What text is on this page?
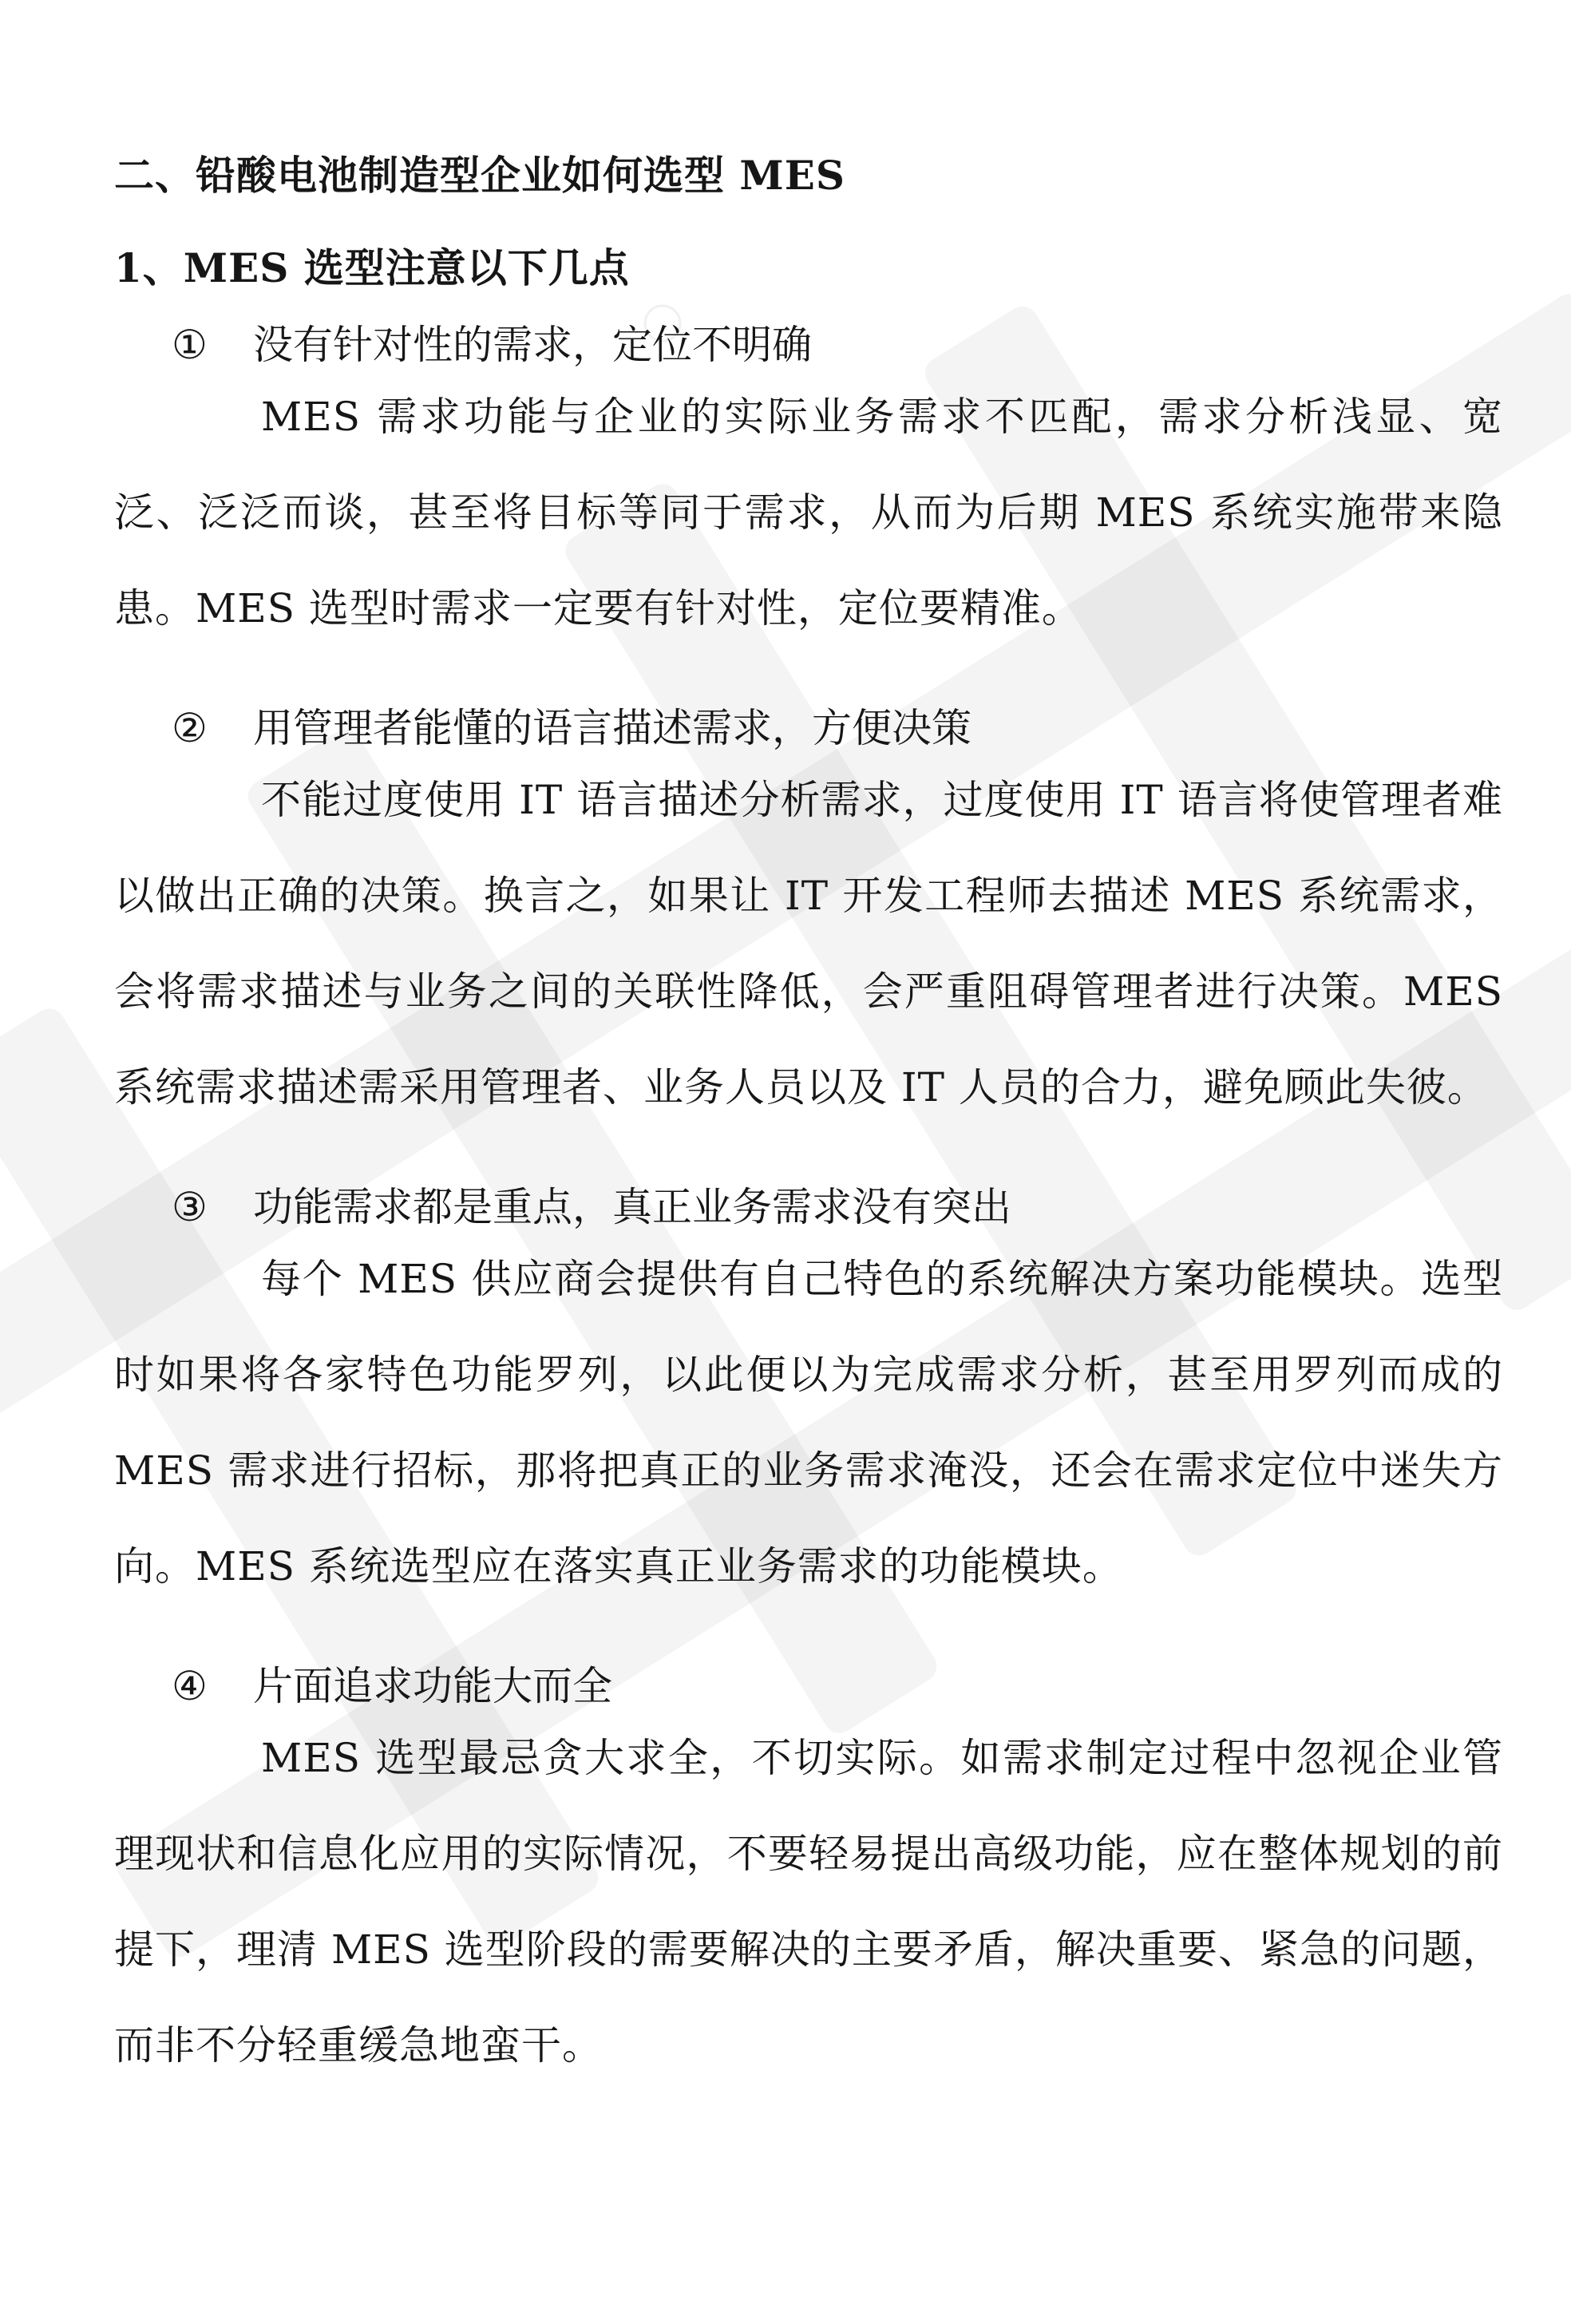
二、铅酸电池制造型企业如何选型 MES

1、MES 选型注意以下几点

①	没有针对性的需求，定位不明确

MES 需求功能与企业的实际业务需求不匹配，需求分析浅显、宽泛、泛泛而谈，甚至将目标等同于需求，从而为后期 MES 系统实施带来隐患。MES 选型时需求一定要有针对性，定位要精准。

②	用管理者能懂的语言描述需求，方便决策

不能过度使用 IT 语言描述分析需求，过度使用 IT 语言将使管理者难以做出正确的决策。换言之，如果让 IT 开发工程师去描述 MES 系统需求，会将需求描述与业务之间的关联性降低，会严重阻碍管理者进行决策。MES 系统需求描述需采用管理者、业务人员以及 IT 人员的合力，避免顾此失彼。

③	功能需求都是重点，真正业务需求没有突出

每个 MES 供应商会提供有自己特色的系统解决方案功能模块。选型时如果将各家特色功能罗列，以此便以为完成需求分析，甚至用罗列而成的 MES 需求进行招标，那将把真正的业务需求淹没，还会在需求定位中迷失方向。MES 系统选型应在落实真正业务需求的功能模块。

④	片面追求功能大而全

MES 选型最忌贪大求全，不切实际。如需求制定过程中忽视企业管理现状和信息化应用的实际情况，不要轻易提出高级功能，应在整体规划的前提下，理清 MES 选型阶段的需要解决的主要矛盾，解决重要、紧急的问题，而非不分轻重缓急地蛮干。
